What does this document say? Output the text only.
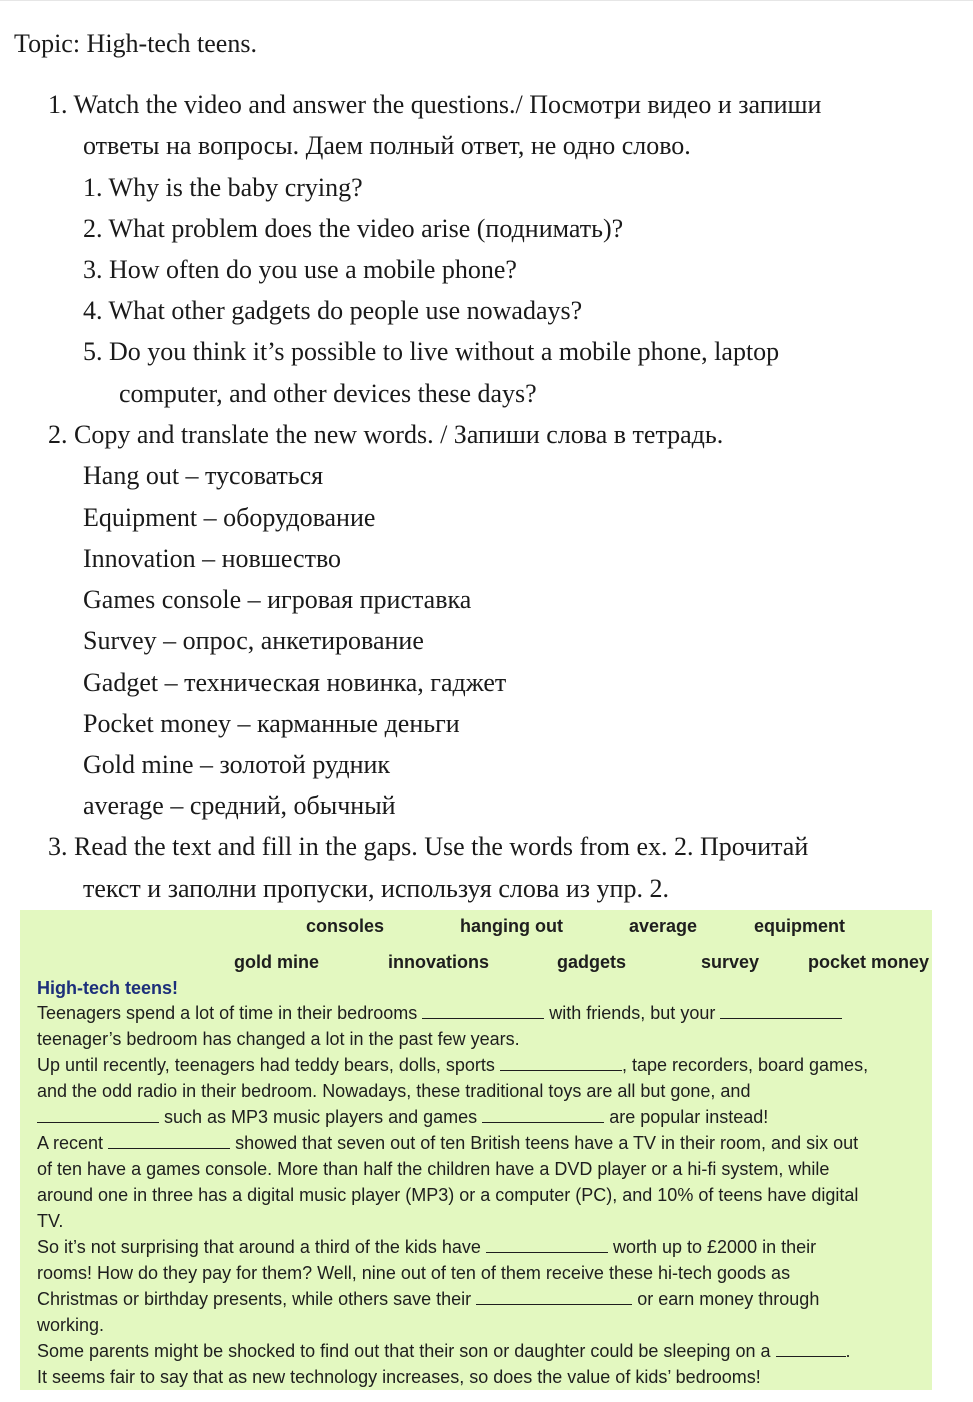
Topic: High-tech teens.
1. Watch the video and answer the questions./ Посмотри видео и запиши
ответы на вопросы. Даем полный ответ, не одно слово.
1. Why is the baby crying?
2. What problem does the video arise (поднимать)?
3. How often do you use a mobile phone?
4. What other gadgets do people use nowadays?
5. Do you think it’s possible to live without a mobile phone, laptop
computer, and other devices these days?
2. Copy and translate the new words. / Запиши слова в тетрадь.
Hang out – тусоваться
Equipment – оборудование
Innovation – новшество
Games console – игровая приставка
Survey – опрос, анкетирование
Gadget – техническая новинка, гаджет
Pocket money – карманные деньги
Gold mine – золотой рудник
average – средний, обычный
3. Read the text and fill in the gaps. Use the words from ex. 2. Прочитай
текст и заполни пропуски, используя слова из упр. 2.
consoles	hanging out	average	equipment
gold mine	innovations	gadgets	survey	pocket money
High-tech teens!
Teenagers spend a lot of time in their bedrooms	with friends, but your
teenager’s bedroom has changed a lot in the past few years.
Up until recently, teenagers had teddy bears, dolls, sports	, tape recorders, board games,
and the odd radio in their bedroom. Nowadays, these traditional toys are all but gone, and
such as MP3 music players and games	are popular instead!
A recent	showed that seven out of ten British teens have a TV in their room, and six out
of ten have a games console. More than half the children have a DVD player or a hi-fi system, while
around one in three has a digital music player (MP3) or a computer (PC), and 10% of teens have digital
TV.
So it’s not surprising that around a third of the kids have	worth up to £2000 in their
rooms! How do they pay for them? Well, nine out of ten of them receive these hi-tech goods as
Christmas or birthday presents, while others save their	or earn money through
working.
Some parents might be shocked to find out that their son or daughter could be sleeping on a	.
It seems fair to say that as new technology increases, so does the value of kids’ bedrooms!
